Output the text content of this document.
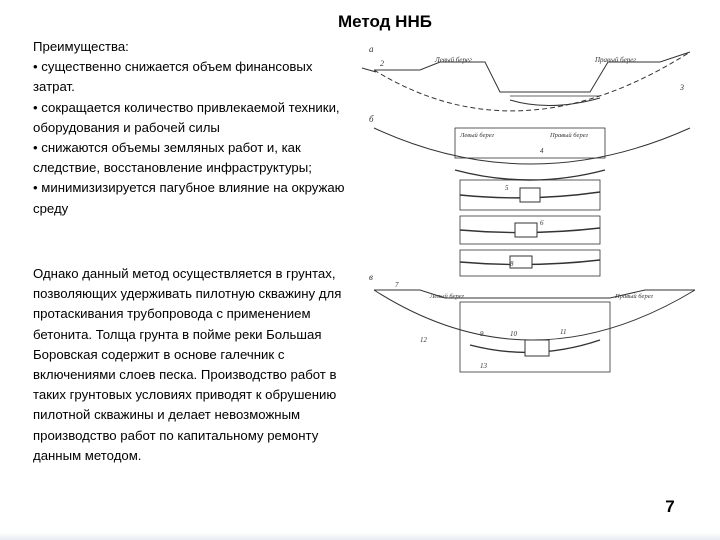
Метод ННБ

Преимущества:

• существенно снижается объем финансовых затрат.

• сокращается количество привлекаемой техники, оборудования и рабочей силы

• снижаются объемы земляных работ и, как следствие, восстановление инфраструктуры;

• минимизизируется пагубное влияние на окружаю среду

Однако данный метод осуществляется в грунтах, позволяющих удерживать пилотную скважину для протаскивания трубопровода с применением бетонита. Толща грунта в пойме реки Большая Боровская содержит в основе галечник с включениями слоев песка. Производство работ в таких грунтовых условиях приводят к обрушению пилотной скважины и делает невозможным производство работ по капитальному ремонту данным методом.
a
2	Левый берег	Правый берег
3
б
Левый берег	Правый берег
4
5
6
8
в
Левый берег	Правый берег
7
9	10	11
12
13
7
